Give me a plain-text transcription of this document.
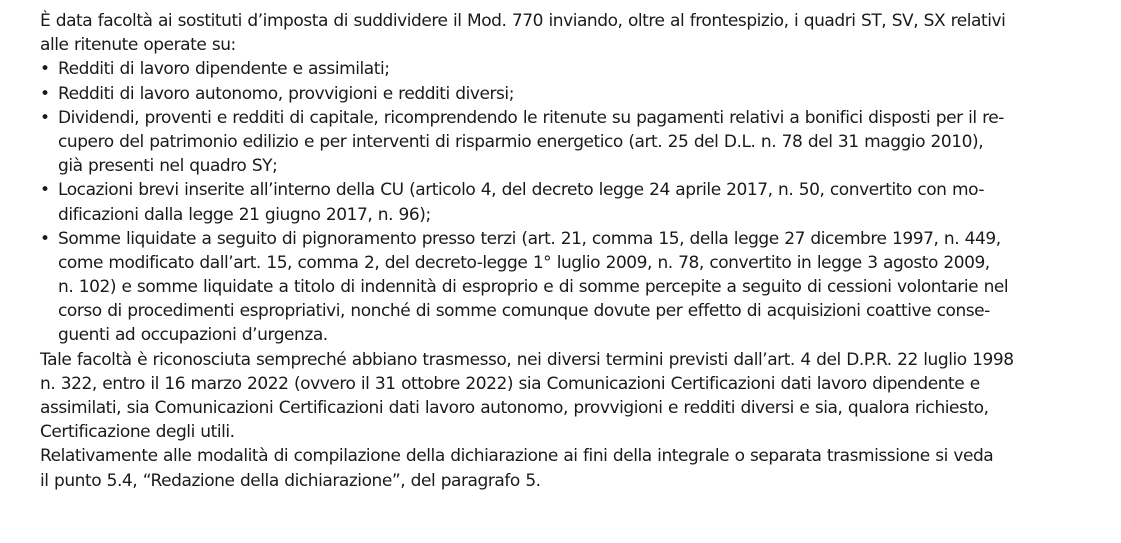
È data facoltà ai sostituti d’imposta di suddividere il Mod. 770 inviando, oltre al frontespizio, i quadri ST, SV, SX relativi
alle ritenute operate su:
• Redditi di lavoro dipendente e assimilati;
• Redditi di lavoro autonomo, provvigioni e redditi diversi;
• Dividendi, proventi e redditi di capitale, ricomprendendo le ritenute su pagamenti relativi a bonifici disposti per il re-
cupero del patrimonio edilizio e per interventi di risparmio energetico (art. 25 del D.L. n. 78 del 31 maggio 2010),
già presenti nel quadro SY;
• Locazioni brevi inserite all’interno della CU (articolo 4, del decreto legge 24 aprile 2017, n. 50, convertito con mo-
dificazioni dalla legge 21 giugno 2017, n. 96);
• Somme liquidate a seguito di pignoramento presso terzi (art. 21, comma 15, della legge 27 dicembre 1997, n. 449,
come modificato dall’art. 15, comma 2, del decreto-legge 1° luglio 2009, n. 78, convertito in legge 3 agosto 2009,
n. 102) e somme liquidate a titolo di indennità di esproprio e di somme percepite a seguito di cessioni volontarie nel
corso di procedimenti espropriativi, nonché di somme comunque dovute per effetto di acquisizioni coattive conse-
guenti ad occupazioni d’urgenza.
Tale facoltà è riconosciuta sempreché abbiano trasmesso, nei diversi termini previsti dall’art. 4 del D.P.R. 22 luglio 1998
n. 322, entro il 16 marzo 2022 (ovvero il 31 ottobre 2022) sia Comunicazioni Certificazioni dati lavoro dipendente e
assimilati, sia Comunicazioni Certificazioni dati lavoro autonomo, provvigioni e redditi diversi e sia, qualora richiesto,
Certificazione degli utili.
Relativamente alle modalità di compilazione della dichiarazione ai fini della integrale o separata trasmissione si veda
il punto 5.4, “Redazione della dichiarazione”, del paragrafo 5.
